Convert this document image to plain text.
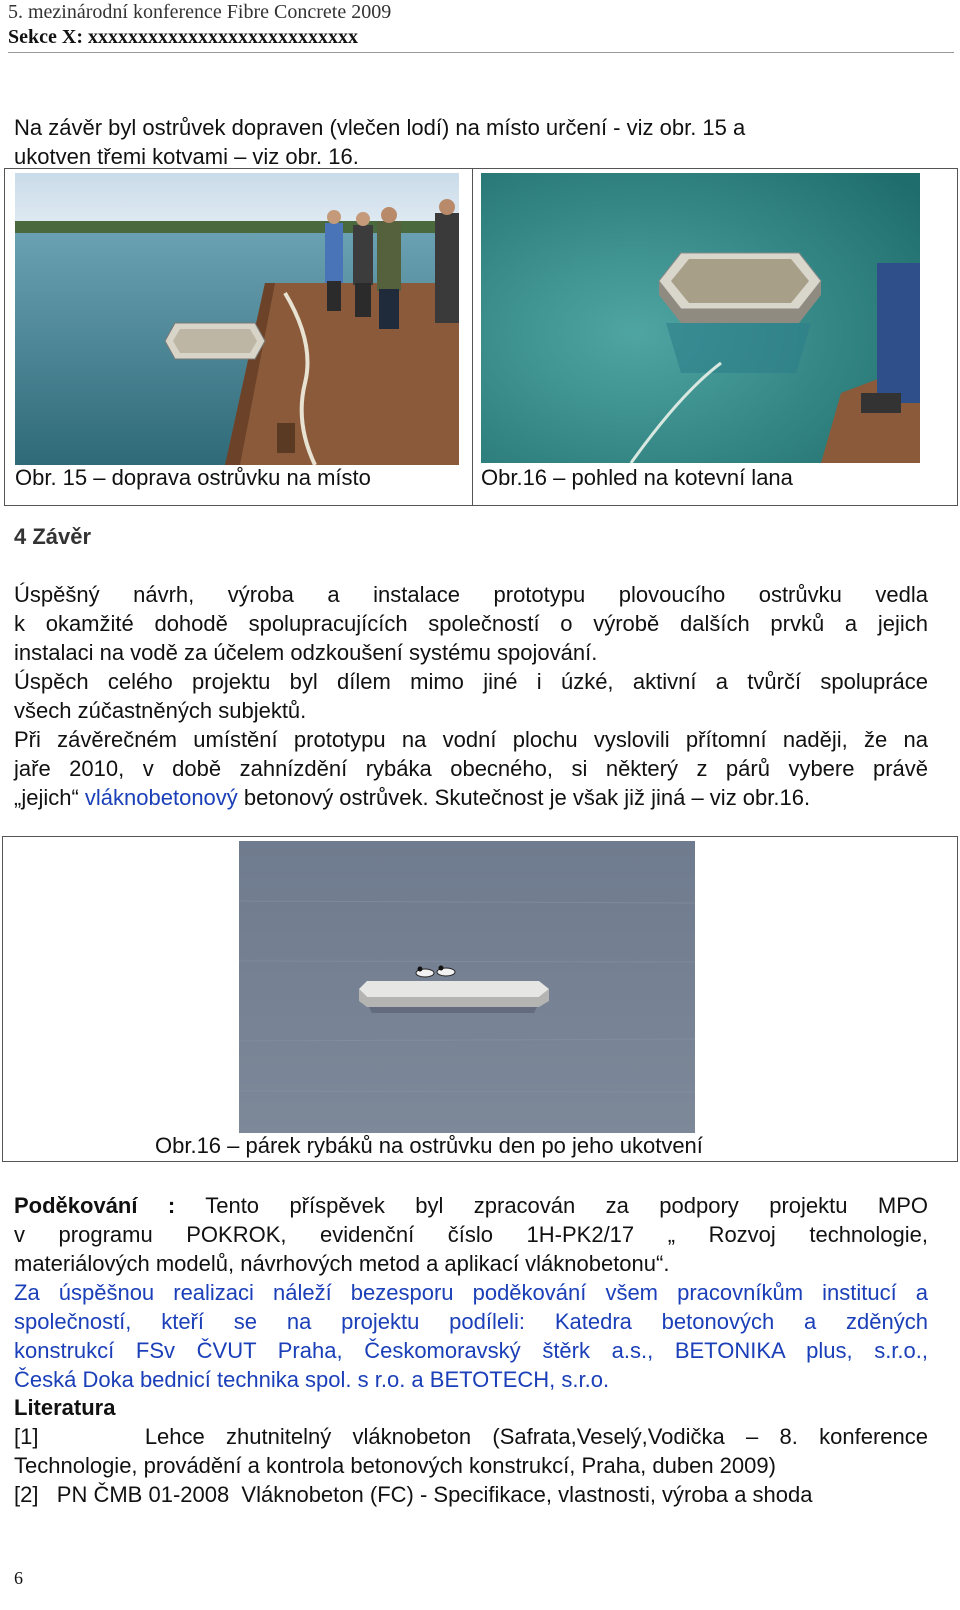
5. mezinárodní konference Fibre Concrete 2009
Sekce X: xxxxxxxxxxxxxxxxxxxxxxxxxxx
Na závěr byl ostrůvek dopraven (vlečen lodí) na místo určení - viz obr. 15 a
ukotven třemi kotvami – viz obr. 16.
Obr. 15 – doprava ostrůvku na místo	Obr.16 – pohled na kotevní lana
4 Závěr
Úspěšný návrh, výroba a instalace prototypu plovoucího ostrůvku vedla
k okamžité dohodě spolupracujících společností o výrobě dalších prvků a jejich
instalaci na vodě za účelem odzkoušení systému spojování.
Úspěch celého projektu byl dílem mimo jiné i úzké, aktivní a tvůrčí spolupráce
všech zúčastněných subjektů.
Při závěrečném umístění prototypu na vodní plochu vyslovili přítomní naději, že na
jaře 2010, v době zahnízdění rybáka obecného, si některý z párů vybere právě
„jejich“ vláknobetonový betonový ostrůvek. Skutečnost je však již jiná – viz obr.16.
Obr.16 – párek rybáků na ostrůvku den po jeho ukotvení
Poděkování : Tento příspěvek byl zpracován za podpory projektu MPO
v programu POKROK, evidenční číslo 1H-PK2/17 „ Rozvoj technologie,
materiálových modelů, návrhových metod a aplikací vláknobetonu“.
Za úspěšnou realizaci náleží bezesporu poděkování všem pracovníkům institucí a
společností, kteří se na projektu podíleli: Katedra betonových a zděných
konstrukcí FSv ČVUT Praha, Českomoravský štěrk a.s., BETONIKA plus, s.r.o.,
Česká Doka bednicí technika spol. s r.o. a BETOTECH, s.r.o.
Literatura
[1]     Lehce zhutnitelný vláknobeton (Safrata,Veselý,Vodička – 8. konference
Technologie, provádění a kontrola betonových konstrukcí, Praha, duben 2009)
[2]   PN ČMB 01-2008  Vláknobeton (FC) - Specifikace, vlastnosti, výroba a shoda
6
